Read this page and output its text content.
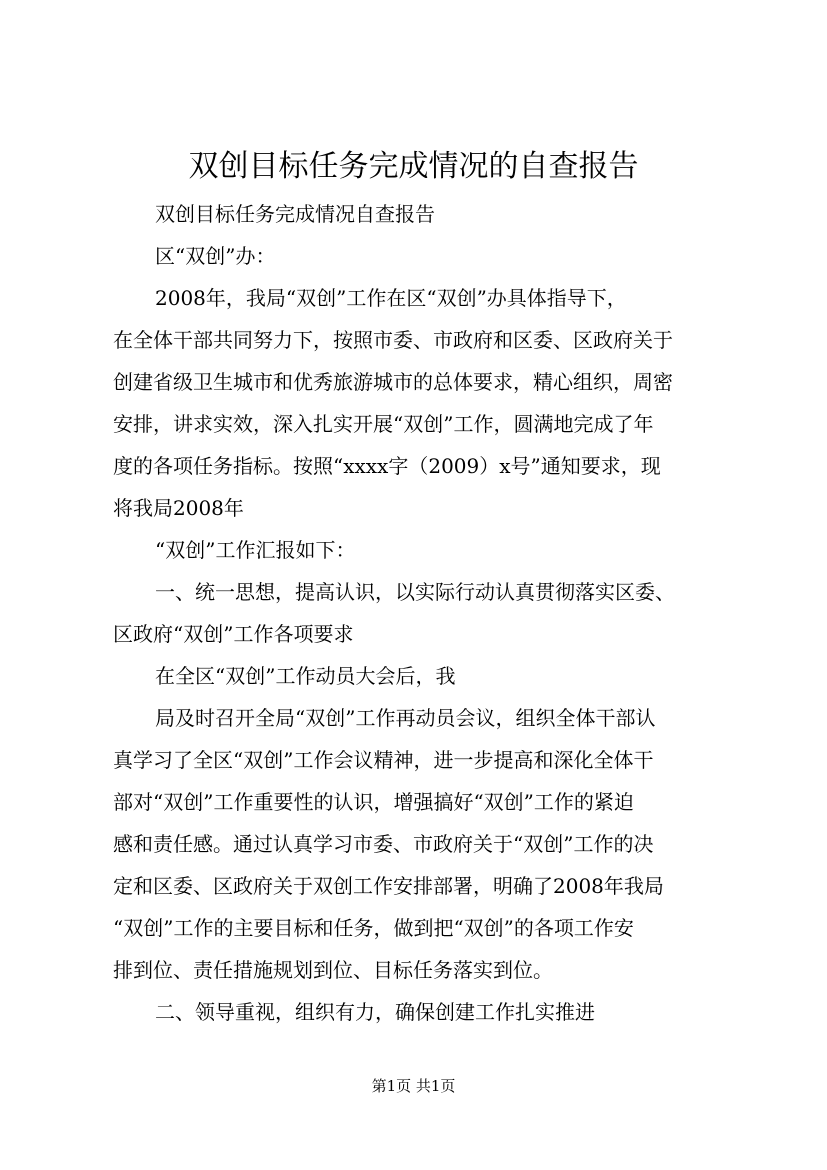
双创目标任务完成情况的自查报告
双创目标任务完成情况自查报告
区“双创”办：
2008年，我局“双创”工作在区“双创”办具体指导下，
在全体干部共同努力下，按照市委、市政府和区委、区政府关于
创建省级卫生城市和优秀旅游城市的总体要求，精心组织，周密
安排，讲求实效，深入扎实开展“双创”工作，圆满地完成了年
度的各项任务指标。按照“xxxx字（2009）x号”通知要求，现
将我局2008年
“双创”工作汇报如下：
一、统一思想，提高认识，以实际行动认真贯彻落实区委、
区政府“双创”工作各项要求
在全区“双创”工作动员大会后，我
局及时召开全局“双创”工作再动员会议，组织全体干部认
真学习了全区“双创”工作会议精神，进一步提高和深化全体干
部对“双创”工作重要性的认识，增强搞好“双创”工作的紧迫
感和责任感。通过认真学习市委、市政府关于“双创”工作的决
定和区委、区政府关于双创工作安排部署，明确了2008年我局
“双创”工作的主要目标和任务，做到把“双创”的各项工作安
排到位、责任措施规划到位、目标任务落实到位。
二、领导重视，组织有力，确保创建工作扎实推进
第1页 共1页
